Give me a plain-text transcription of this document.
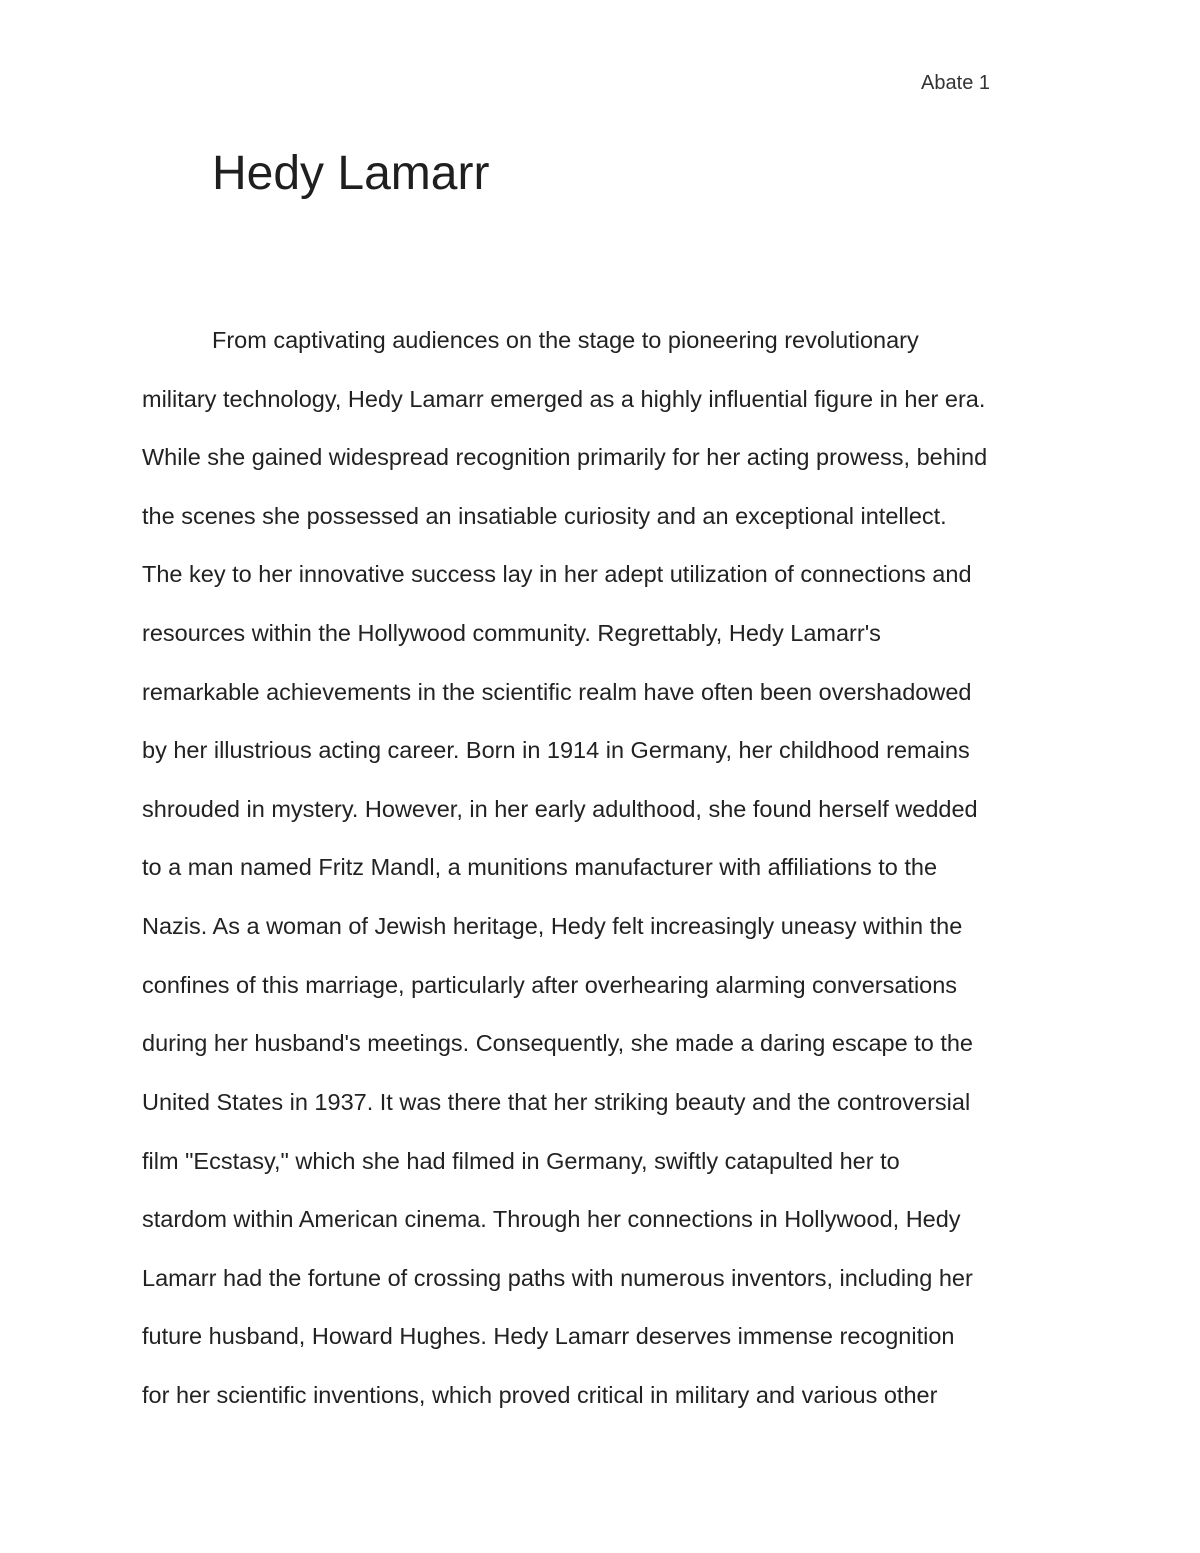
Abate 1
Hedy Lamarr
From captivating audiences on the stage to pioneering revolutionary
military technology, Hedy Lamarr emerged as a highly influential figure in her era.
While she gained widespread recognition primarily for her acting prowess, behind
the scenes she possessed an insatiable curiosity and an exceptional intellect.
The key to her innovative success lay in her adept utilization of connections and
resources within the Hollywood community. Regrettably, Hedy Lamarr's
remarkable achievements in the scientific realm have often been overshadowed
by her illustrious acting career. Born in 1914 in Germany, her childhood remains
shrouded in mystery. However, in her early adulthood, she found herself wedded
to a man named Fritz Mandl, a munitions manufacturer with affiliations to the
Nazis. As a woman of Jewish heritage, Hedy felt increasingly uneasy within the
confines of this marriage, particularly after overhearing alarming conversations
during her husband's meetings. Consequently, she made a daring escape to the
United States in 1937. It was there that her striking beauty and the controversial
film "Ecstasy," which she had filmed in Germany, swiftly catapulted her to
stardom within American cinema. Through her connections in Hollywood, Hedy
Lamarr had the fortune of crossing paths with numerous inventors, including her
future husband, Howard Hughes. Hedy Lamarr deserves immense recognition
for her scientific inventions, which proved critical in military and various other
